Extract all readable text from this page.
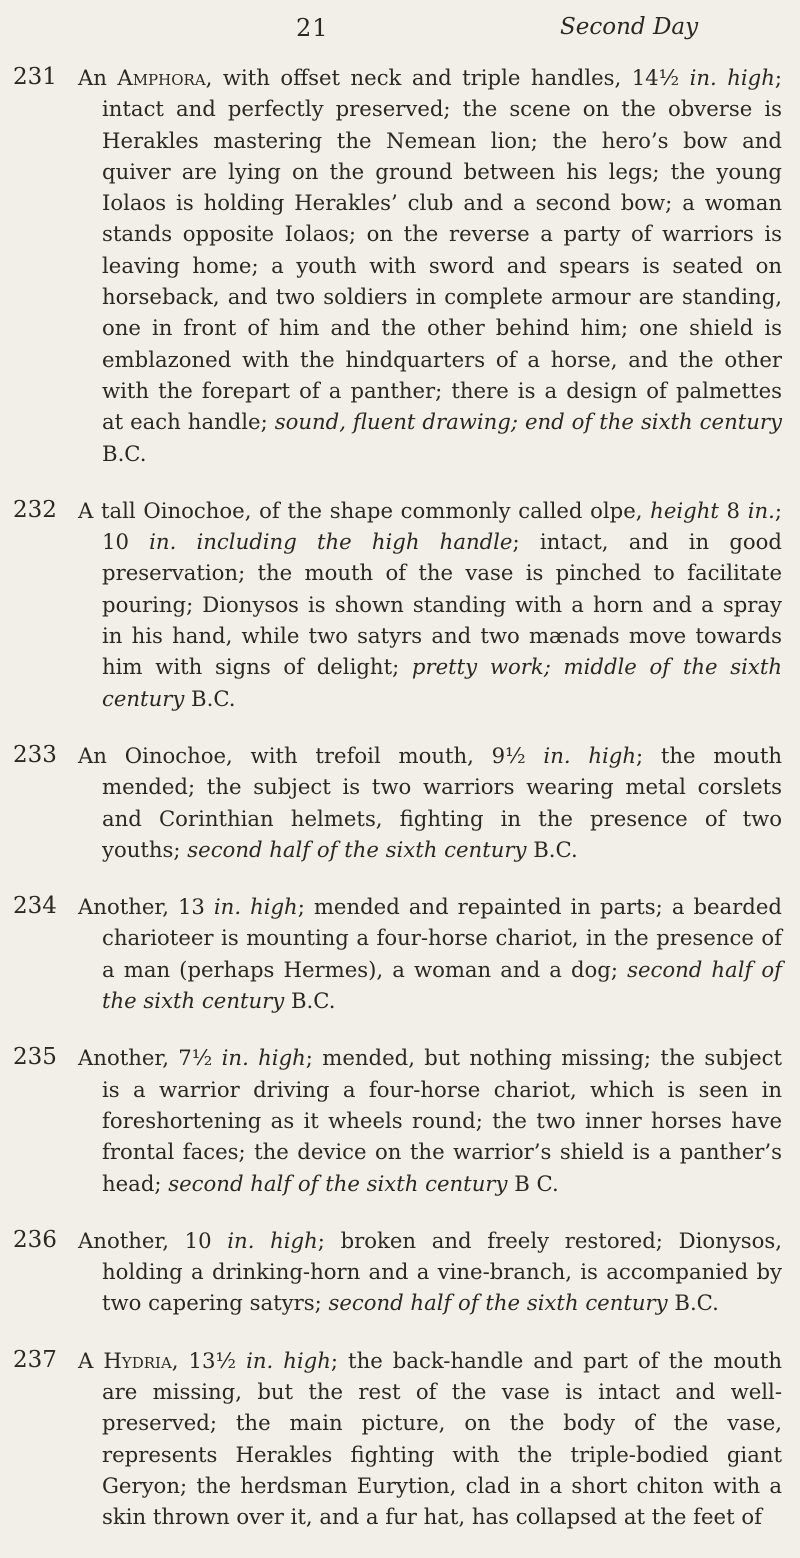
21	Second Day
231 An Amphora, with offset neck and triple handles, 14½ in. high; intact and perfectly preserved; the scene on the obverse is Herakles mastering the Nemean lion; the hero’s bow and quiver are lying on the ground between his legs; the young Iolaos is holding Herakles’ club and a second bow; a woman stands opposite Iolaos; on the reverse a party of warriors is leaving home; a youth with sword and spears is seated on horseback, and two soldiers in complete armour are standing, one in front of him and the other behind him; one shield is emblazoned with the hindquarters of a horse, and the other with the forepart of a panther; there is a design of palmettes at each handle; sound, fluent drawing; end of the sixth century B.C.
232 A tall Oinochoe, of the shape commonly called olpe, height 8 in.; 10 in. including the high handle; intact, and in good preservation; the mouth of the vase is pinched to facilitate pouring; Dionysos is shown standing with a horn and a spray in his hand, while two satyrs and two mænads move towards him with signs of delight; pretty work; middle of the sixth century B.C.
233 An Oinochoe, with trefoil mouth, 9½ in. high; the mouth mended; the subject is two warriors wearing metal corslets and Corinthian helmets, fighting in the presence of two youths; second half of the sixth century B.C.
234 Another, 13 in. high; mended and repainted in parts; a bearded charioteer is mounting a four-horse chariot, in the presence of a man (perhaps Hermes), a woman and a dog; second half of the sixth century B.C.
235 Another, 7½ in. high; mended, but nothing missing; the subject is a warrior driving a four-horse chariot, which is seen in foreshortening as it wheels round; the two inner horses have frontal faces; the device on the warrior’s shield is a panther’s head; second half of the sixth century B C.
236 Another, 10 in. high; broken and freely restored; Dionysos, holding a drinking-horn and a vine-branch, is accompanied by two capering satyrs; second half of the sixth century B.C.
237 A Hydria, 13½ in. high; the back-handle and part of the mouth are missing, but the rest of the vase is intact and well-preserved; the main picture, on the body of the vase, represents Herakles fighting with the triple-bodied giant Geryon; the herdsman Eurytion, clad in a short chiton with a skin thrown over it, and a fur hat, has collapsed at the feet of
